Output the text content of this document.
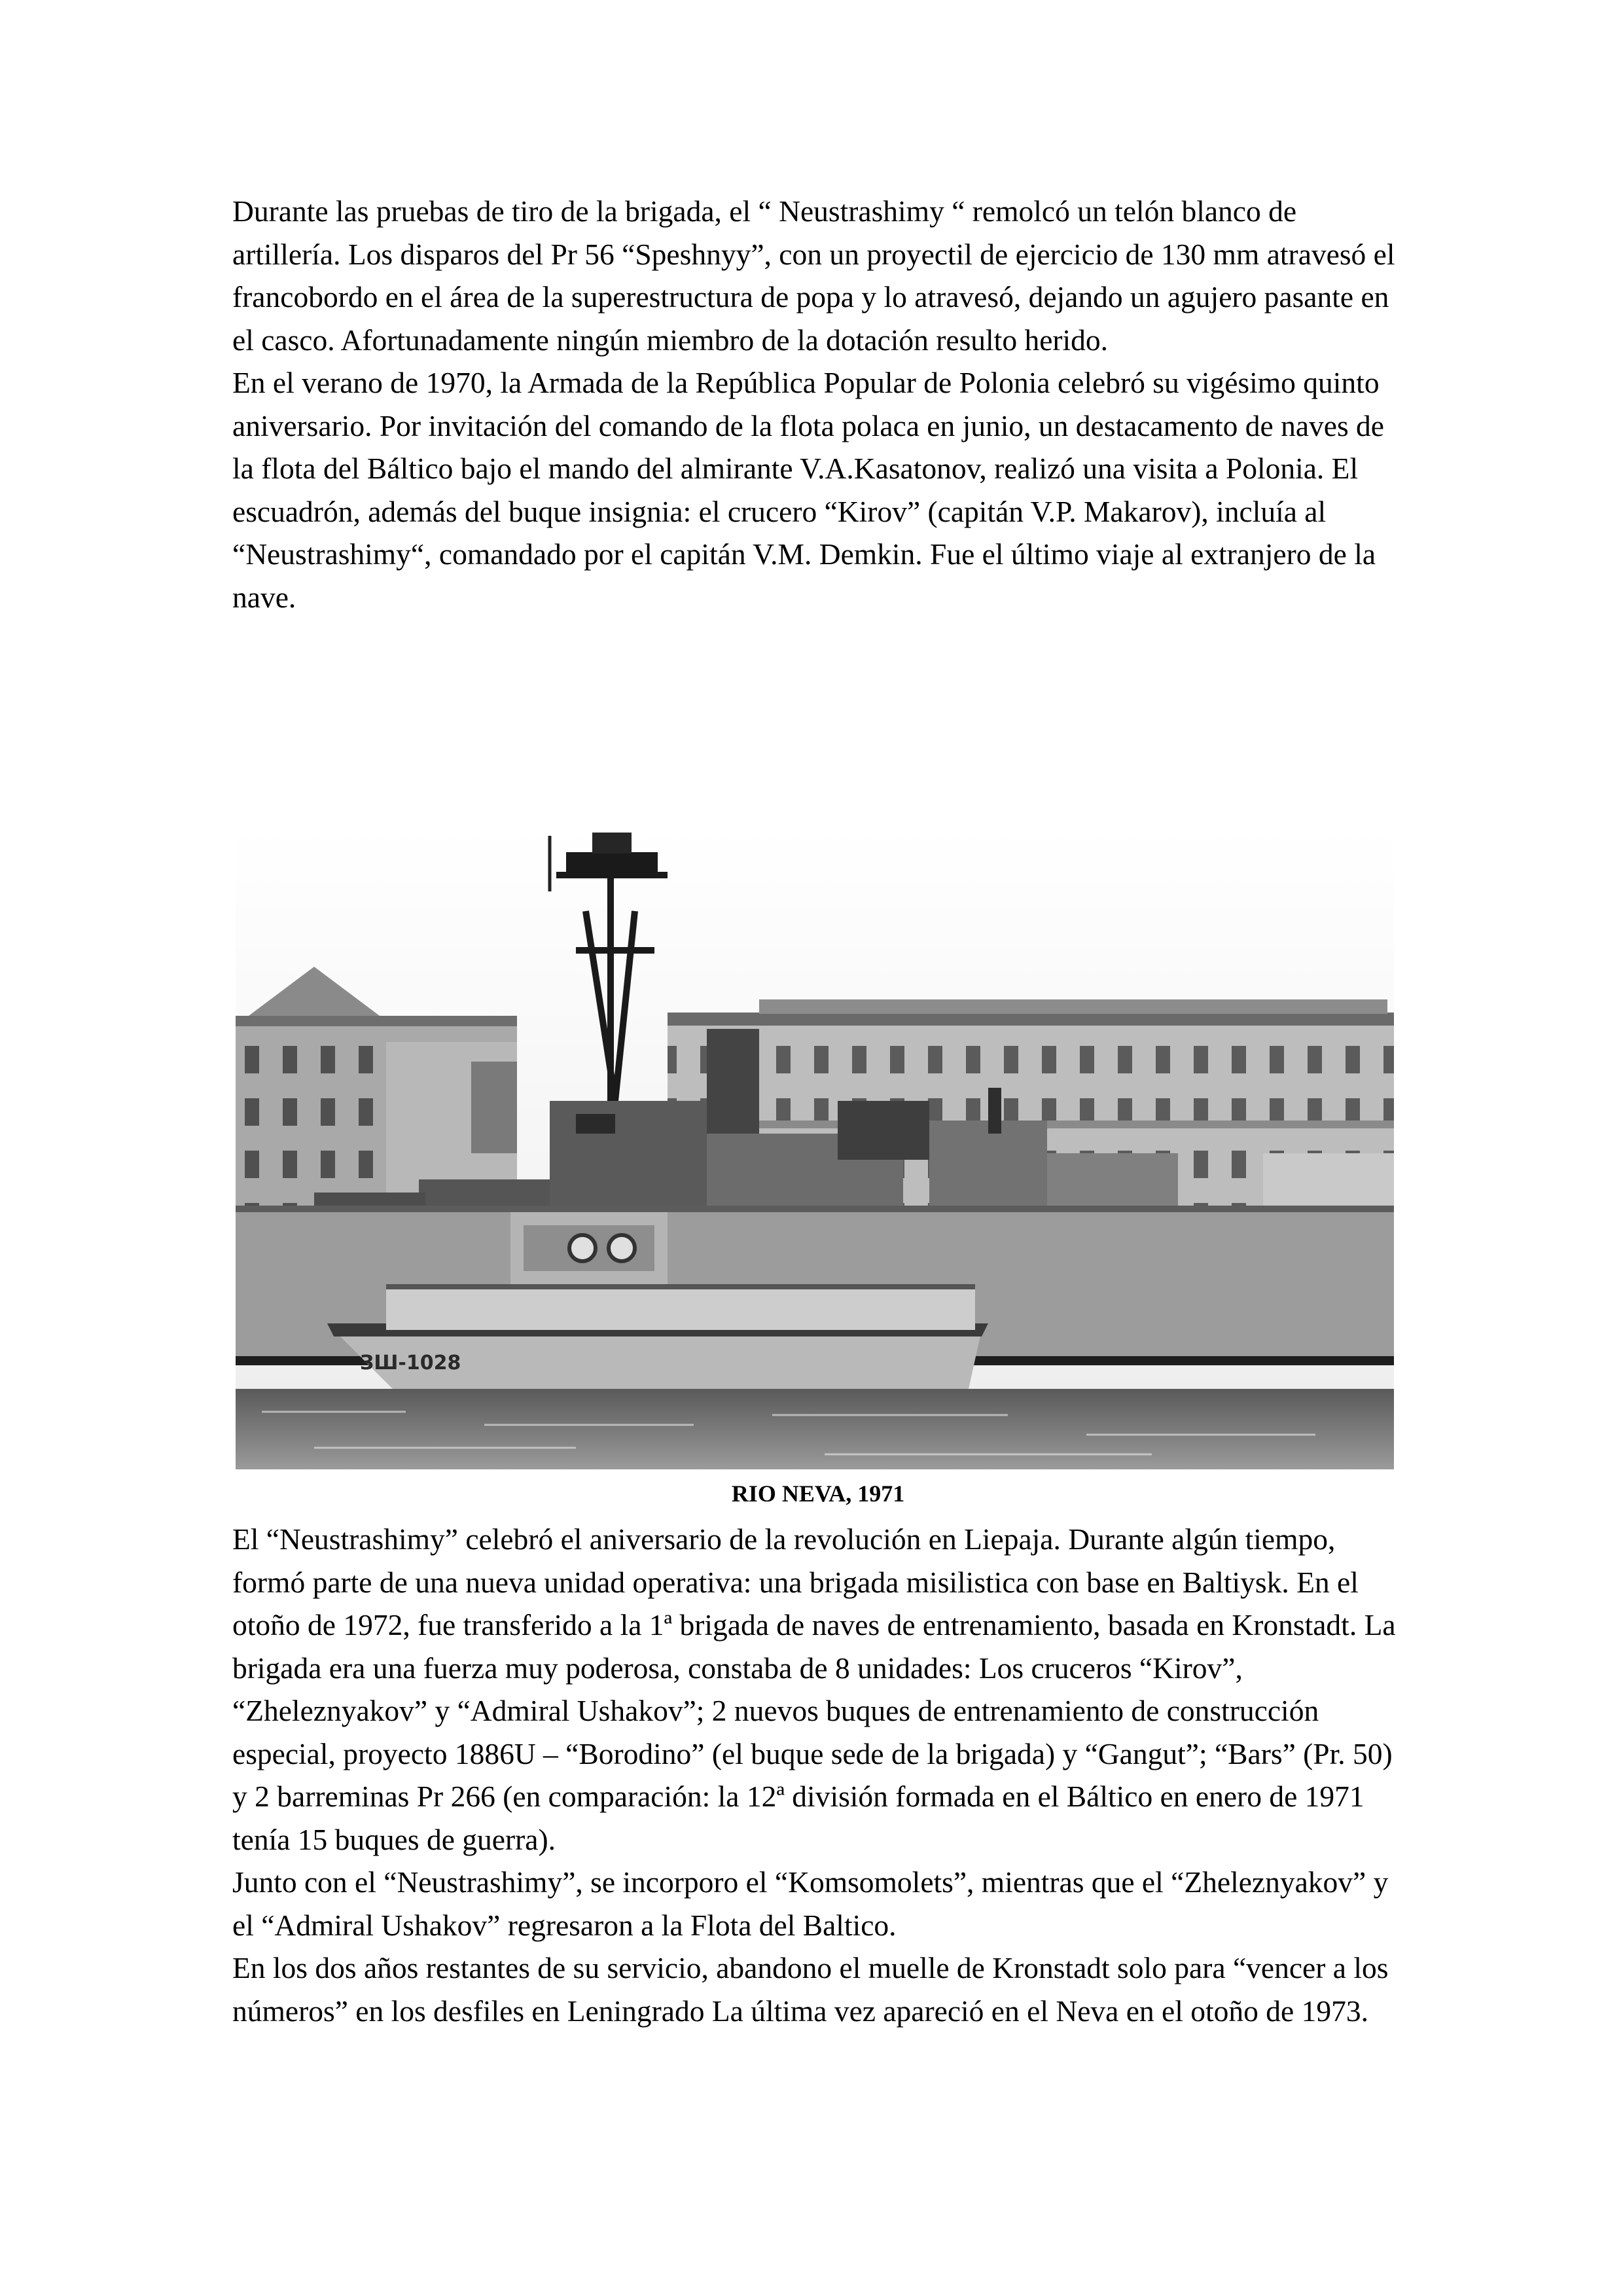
Durante las pruebas de tiro de la brigada, el “ Neustrashimy “ remolcó un telón blanco de artillería. Los disparos del Pr 56 “Speshnyy”, con un proyectil de ejercicio de 130 mm atravesó el francobordo en el área de la superestructura de popa y lo atravesó, dejando un agujero pasante en el casco. Afortunadamente ningún miembro de la dotación resulto herido.

En el verano de 1970, la Armada de la República Popular de Polonia celebró su vigésimo quinto aniversario. Por invitación del comando de la flota polaca en junio, un destacamento de naves de la flota del Báltico bajo el mando del almirante V.A.Kasatonov, realizó una visita a Polonia. El escuadrón, además del buque insignia: el crucero “Kirov” (capitán V.P. Makarov), incluía al “Neustrashimy“, comandado por el capitán V.M. Demkin. Fue el último viaje al extranjero de la nave.

ЗШ-1028
RIO NEVA, 1971

El “Neustrashimy” celebró el aniversario de la revolución en Liepaja. Durante algún tiempo, formó parte de una nueva unidad operativa: una brigada misilistica con base en Baltiysk. En el otoño de 1972, fue transferido a la 1ª brigada de naves de entrenamiento, basada en Kronstadt. La brigada era una fuerza muy poderosa, constaba de 8 unidades: Los cruceros “Kirov”, “Zheleznyakov” y “Admiral Ushakov”; 2 nuevos buques de entrenamiento de construcción especial, proyecto 1886U – “Borodino” (el buque sede de la brigada) y “Gangut”; “Bars” (Pr. 50) y 2 barreminas Pr 266 (en comparación: la 12ª división formada en el Báltico en enero de 1971 tenía 15 buques de guerra).

Junto con el “Neustrashimy”, se incorporo el “Komsomolets”, mientras que el “Zheleznyakov” y el “Admiral Ushakov” regresaron a la Flota del Baltico.

En los dos años restantes de su servicio, abandono el muelle de Kronstadt solo para “vencer a los números” en los desfiles en Leningrado La última vez apareció en el Neva en el otoño de 1973.
